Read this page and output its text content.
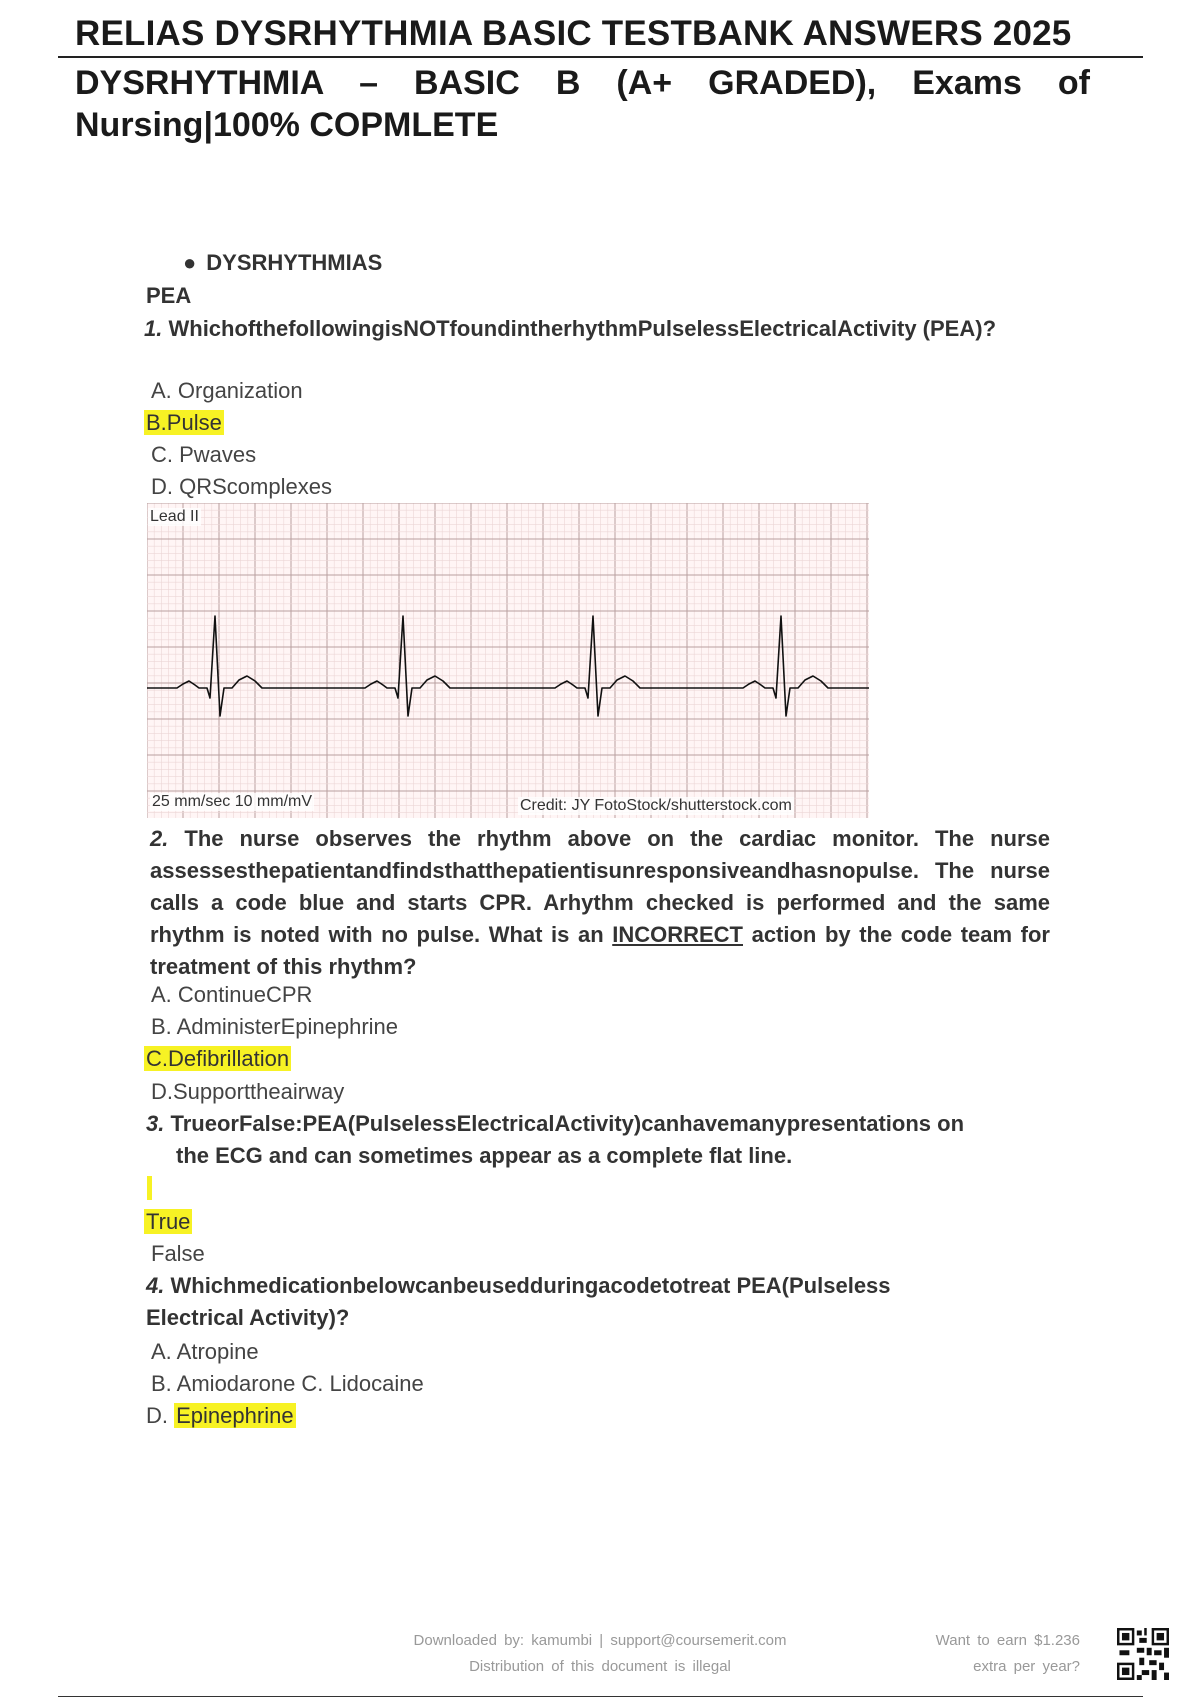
RELIAS DYSRHYTHMIA BASIC TESTBANK ANSWERS 2025
DYSRHYTHMIA – BASIC B (A+ GRADED), Exams of Nursing|100% COPMLETE
● DYSRHYTHMIAS
PEA
1. WhichofthefollowingisNOTfoundintherhythmPulselessElectricalActivity (PEA)?
A. Organization
B.Pulse
C. Pwaves
D. QRScomplexes
Lead II
25 mm/sec 10 mm/mV	Credit: JY FotoStock/shutterstock.com
2. The nurse observes the rhythm above on the cardiac monitor. The nurse assessesthepatientandfindsthatthepatientisunresponsiveandhasnopulse. The nurse calls a code blue and starts CPR. Arhythm checked is performed and the same rhythm is noted with no pulse. What is an INCORRECT action by the code team for treatment of this rhythm?
A. ContinueCPR
B. AdministerEpinephrine
C.Defibrillation
D.Supporttheairway
3. TrueorFalse:PEA(PulselessElectricalActivity)canhavemanypresentations on
the ECG and can sometimes appear as a complete flat line.
True
False
4. Whichmedicationbelowcanbeusedduringacodetotreat PEA(Pulseless Electrical Activity)?
A. Atropine
B. Amiodarone C. Lidocaine
D. Epinephrine
Downloaded by: kamumbi | support@coursemerit.com
Distribution of this document is illegal
Want to earn $1.236
extra per year?
